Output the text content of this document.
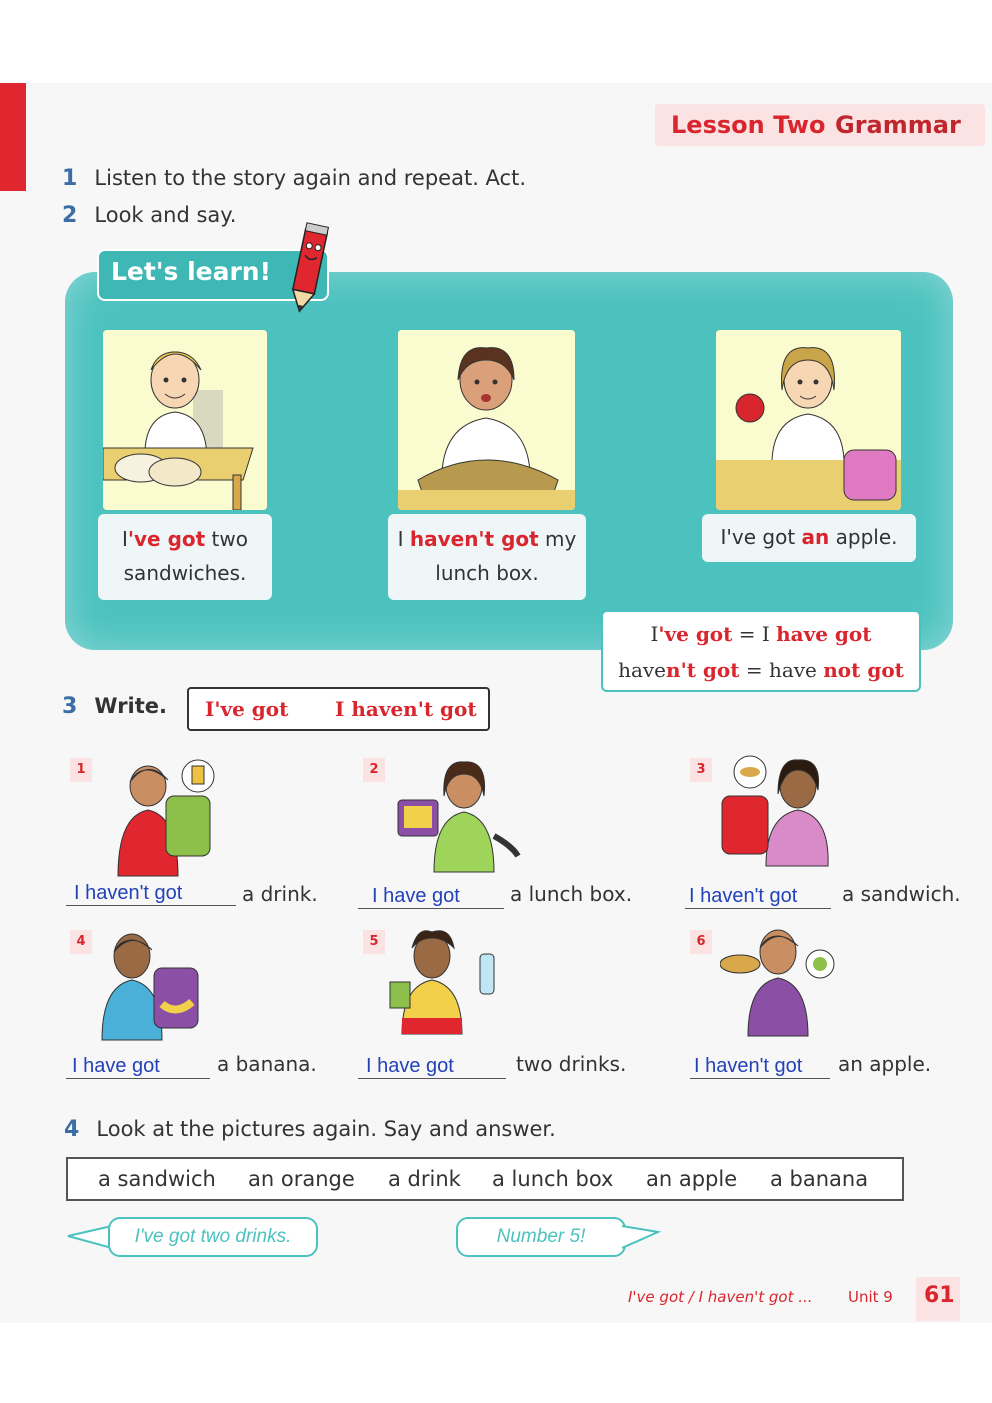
Lesson Two Grammar
1 Listen to the story again and repeat. Act.
2 Look and say.
Let's learn!
I've got two
sandwiches.
I haven't got my
lunch box.
I've got an apple.
I've got = I have got
haven't got = have not got
3 Write. I've got I haven't got
1
I haven't got	a drink.
2
I have got	a lunch box.
3
I haven't got	a sandwich.
4
I have got	a banana.
5
I have got	two drinks.
6
I haven't got	an apple.
4 Look at the pictures again. Say and answer.
a sandwich an orange a drink a lunch box an apple a banana
I've got two drinks.	Number 5!
I've got / I haven't got ... Unit 9 61
